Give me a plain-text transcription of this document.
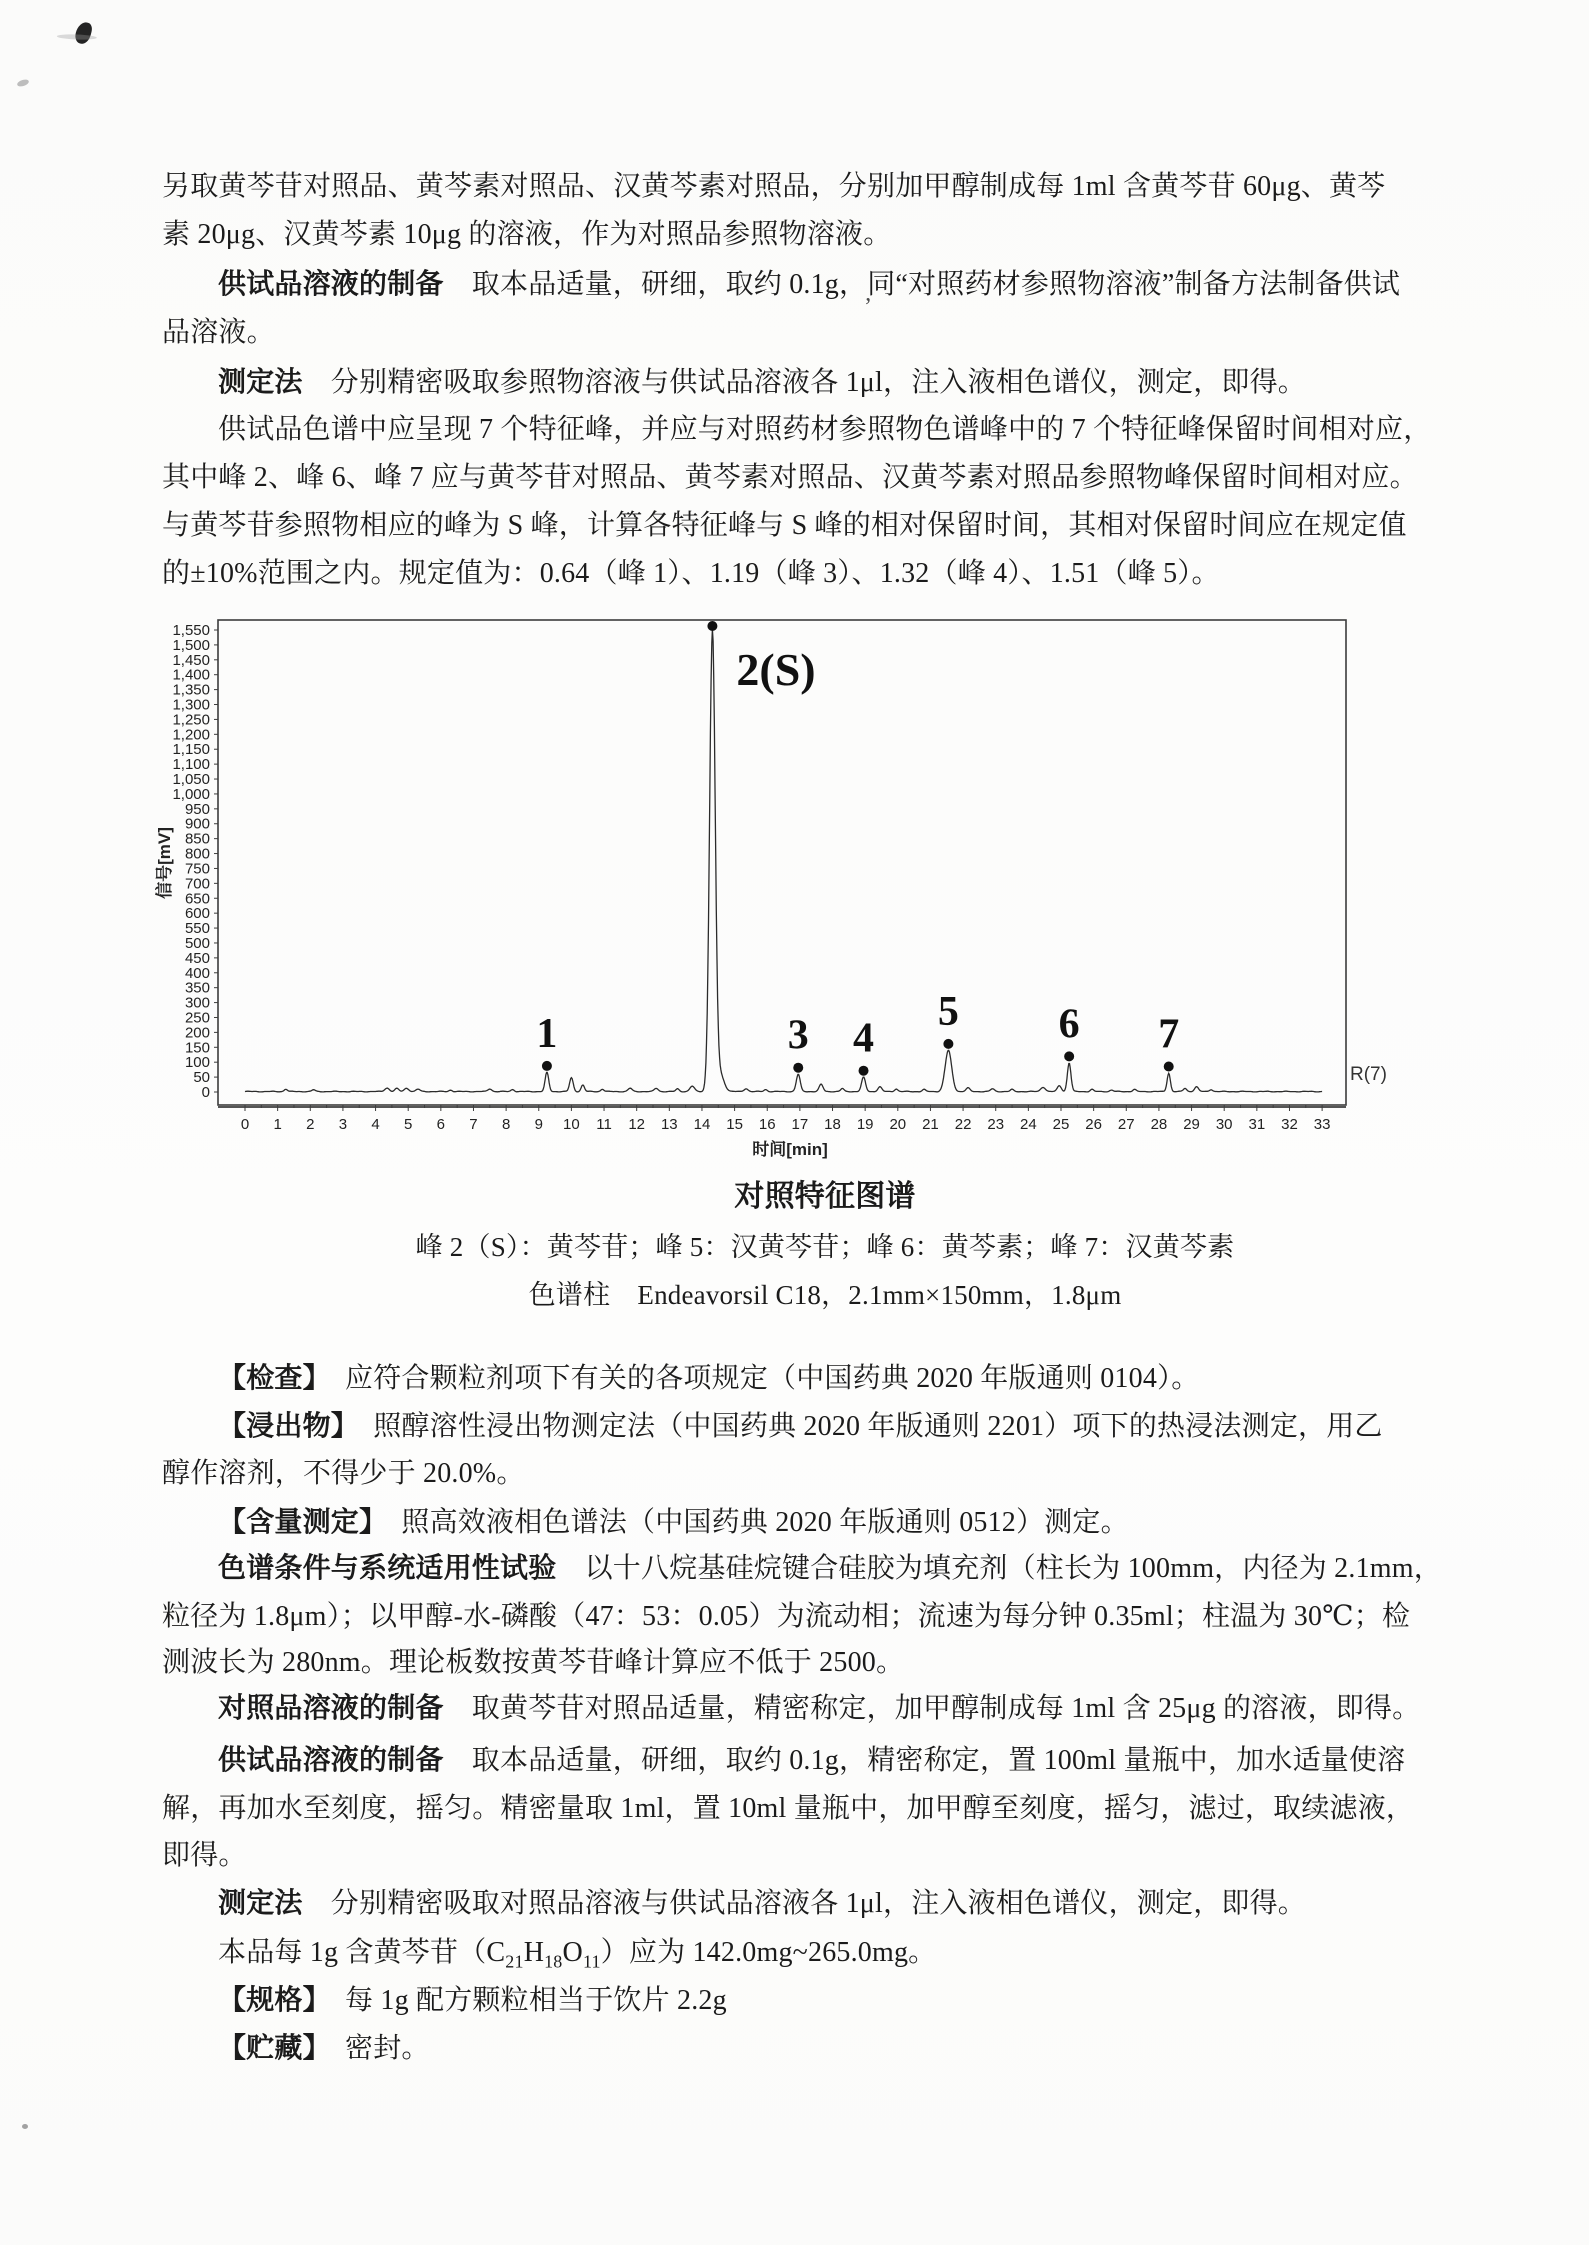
’
另取黄芩苷对照品、黄芩素对照品、汉黄芩素对照品，分别加甲醇制成每 1ml 含黄芩苷 60μg、黄芩
素 20μg、汉黄芩素 10μg 的溶液，作为对照品参照物溶液。
供试品溶液的制备　取本品适量，研细，取约 0.1g，同“对照药材参照物溶液”制备方法制备供试
品溶液。
测定法　分别精密吸取参照物溶液与供试品溶液各 1μl，注入液相色谱仪，测定，即得。
供试品色谱中应呈现 7 个特征峰，并应与对照药材参照物色谱峰中的 7 个特征峰保留时间相对应，
其中峰 2、峰 6、峰 7 应与黄芩苷对照品、黄芩素对照品、汉黄芩素对照品参照物峰保留时间相对应。
与黄芩苷参照物相应的峰为 S 峰，计算各特征峰与 S 峰的相对保留时间，其相对保留时间应在规定值
的±10%范围之内。规定值为：0.64（峰 1）、1.19（峰 3）、1.32（峰 4）、1.51（峰 5）。
对照特征图谱
峰 2（S）：黄芩苷；峰 5：汉黄芩苷；峰 6：黄芩素；峰 7：汉黄芩素
色谱柱　Endeavorsil C18，2.1mm×150mm，1.8μm
【检查】　应符合颗粒剂项下有关的各项规定（中国药典 2020 年版通则 0104）。
【浸出物】　照醇溶性浸出物测定法（中国药典 2020 年版通则 2201）项下的热浸法测定，用乙
醇作溶剂，不得少于 20.0%。
【含量测定】　照高效液相色谱法（中国药典 2020 年版通则 0512）测定。
色谱条件与系统适用性试验　以十八烷基硅烷键合硅胶为填充剂（柱长为 100mm，内径为 2.1mm，
粒径为 1.8μm）；以甲醇-水-磷酸（47：53：0.05）为流动相；流速为每分钟 0.35ml；柱温为 30℃；检
测波长为 280nm。理论板数按黄芩苷峰计算应不低于 2500。
对照品溶液的制备　取黄芩苷对照品适量，精密称定，加甲醇制成每 1ml 含 25μg 的溶液，即得。
供试品溶液的制备　取本品适量，研细，取约 0.1g，精密称定，置 100ml 量瓶中，加水适量使溶
解，再加水至刻度，摇匀。精密量取 1ml，置 10ml 量瓶中，加甲醇至刻度，摇匀，滤过，取续滤液，
即得。
测定法　分别精密吸取对照品溶液与供试品溶液各 1μl，注入液相色谱仪，测定，即得。
本品每 1g 含黄芩苷$(C_{21}H_{18}O_{11})$应为 142.0mg~265.0mg。
【规格】　每 1g 配方颗粒相当于饮片 2.2g
【贮藏】　密封。
0
50
100
150
200
250
300
350
400
450
500
550
600
650
700
750
800
850
900
950
1,000
1,050
1,100
1,150
1,200
1,250
1,300
1,350
1,400
1,450
1,500
1,550
0 1 2 3 4 5 6 7 8 9 10 11 12 13 14 15 16 17 18 19 20 21 22 23 24 25 26 27 28 29 30 31 32 33
信号[mV]
时间[min]
R(7)
1
2(S)
3 4
5 6 7
